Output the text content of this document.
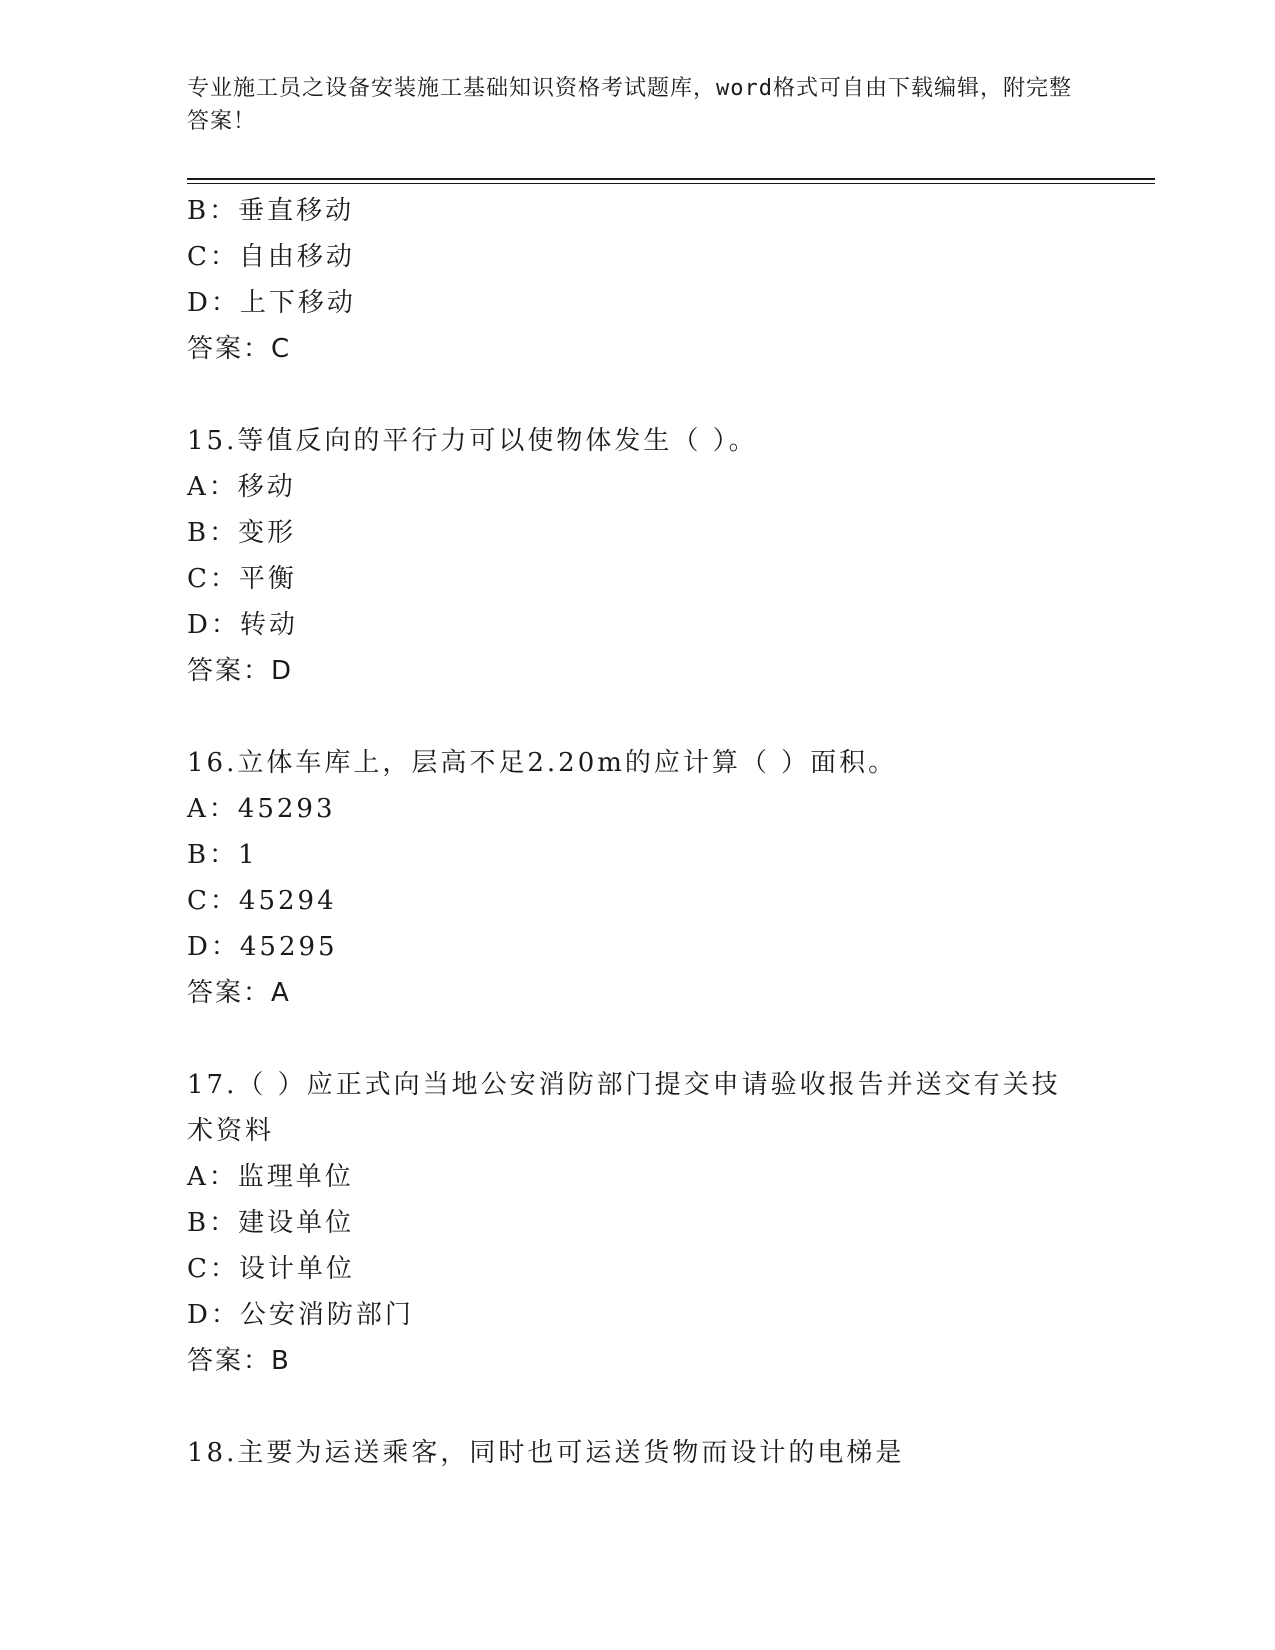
专业施工员之设备安装施工基础知识资格考试题库，word格式可自由下载编辑，附完整答案！
B：垂直移动
C：自由移动
D：上下移动
答案：C
15.等值反向的平行力可以使物体发生（ ）。
A：移动
B：变形
C：平衡
D：转动
答案：D
16.立体车库上，层高不足2.20m的应计算（ ）面积。
A：45293
B：1
C：45294
D：45295
答案：A
17.（ ）应正式向当地公安消防部门提交申请验收报告并送交有关技术资料
A：监理单位
B：建设单位
C：设计单位
D：公安消防部门
答案：B
18.主要为运送乘客，同时也可运送货物而设计的电梯是
